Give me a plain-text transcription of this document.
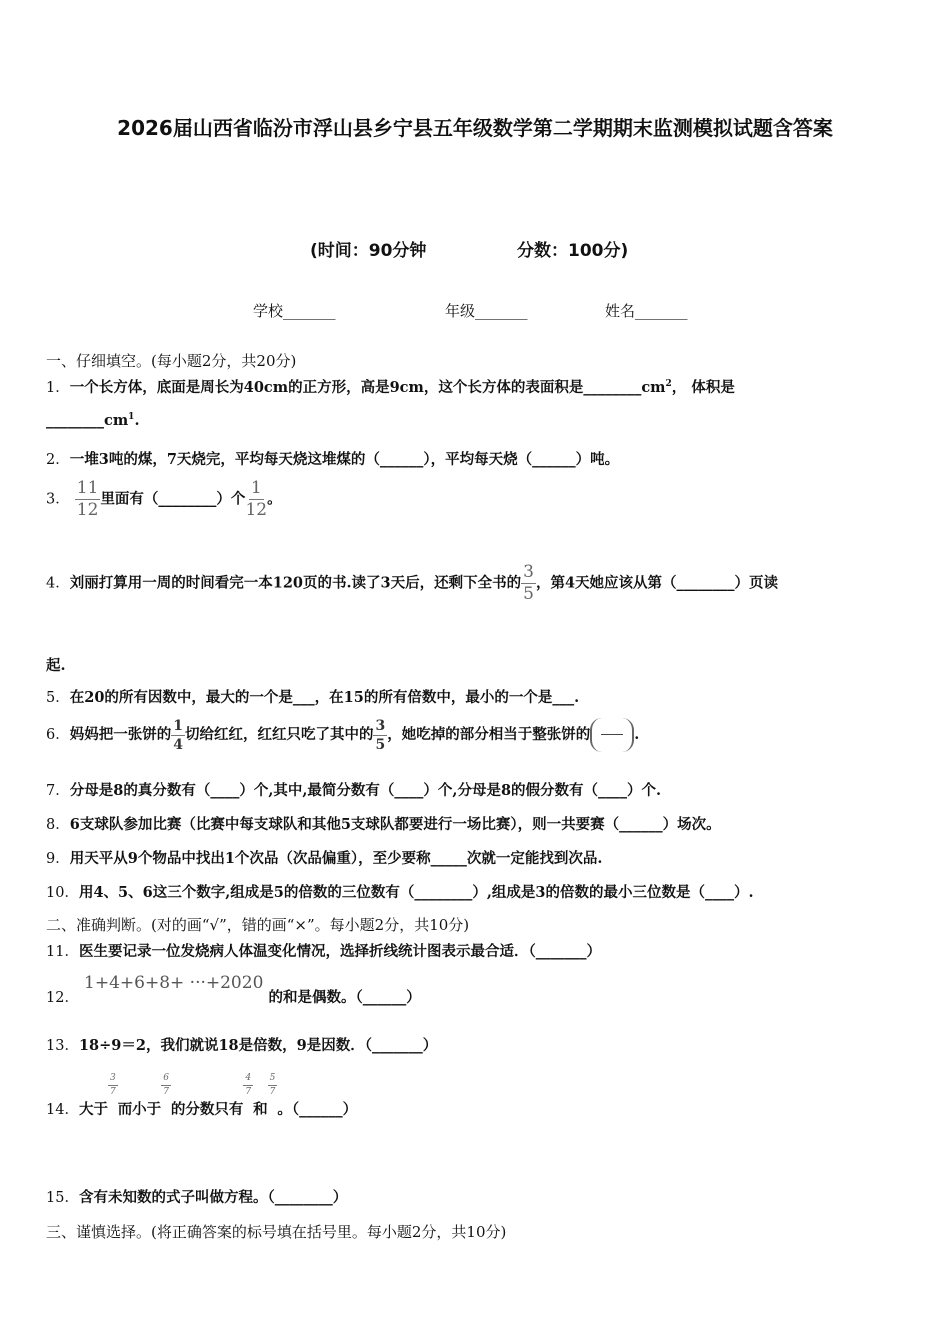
2026届山西省临汾市浮山县乡宁县五年级数学第二学期期末监测模拟试题含答案
(时间：90分钟	分数：100分)
学校_______	年级_______	姓名_______
一、仔细填空。(每小题2分，共20分)
1．一个长方体，底面是周长为40cm的正方形，高是9cm，这个长方体的表面积是$\_\_\_\_\_\_\_\_cm^2$， 体积是
$\_\_\_\_\_\_\_\_cm^1$.
2．一堆3吨的煤，7天烧完，平均每天烧这堆煤的（______），平均每天烧（______）吨。
3． $\frac{11}{12}$ 里面有（________）个 $\frac{1}{12}$ 。
4．刘丽打算用一周的时间看完一本120页的书.读了3天后，还剩下全书的 $\frac{3}{5}$ ，第4天她应该从第（________）页读
起.
5．在20的所有因数中，最大的一个是___，在15的所有倍数中，最小的一个是___.
6．妈妈把一张饼的 $\frac{1}{4}$ 切给红红，红红只吃了其中的 $\frac{3}{5}$ ，她吃掉的部分相当于整张饼的	.
7．分母是8的真分数有（____）个,其中,最简分数有（____）个,分母是8的假分数有（____）个.
8．6支球队参加比赛（比赛中每支球队和其他5支球队都要进行一场比赛），则一共要赛（______）场次。
9．用天平从9个物品中找出1个次品（次品偏重），至少要称_____次就一定能找到次品.
10．用4、5、6这三个数字,组成是5的倍数的三位数有（________）,组成是3的倍数的最小三位数是（____）.
二、准确判断。(对的画“√”，错的画“×”。每小题2分，共10分)
11．医生要记录一位发烧病人体温变化情况，选择折线统计图表示最合适．（_______）
12． 1+4+6+8+ ···+2020 的和是偶数。（______）
13．18÷9＝2，我们就说18是倍数，9是因数．（_______）
14．大于
$\frac{3}{7}$
而小于
$\frac{6}{7}$
的分数只有
$\frac{4}{7}$
和
$\frac{5}{7}$
。（______）
15．含有未知数的式子叫做方程。（________）
三、谨慎选择。(将正确答案的标号填在括号里。每小题2分，共10分)
